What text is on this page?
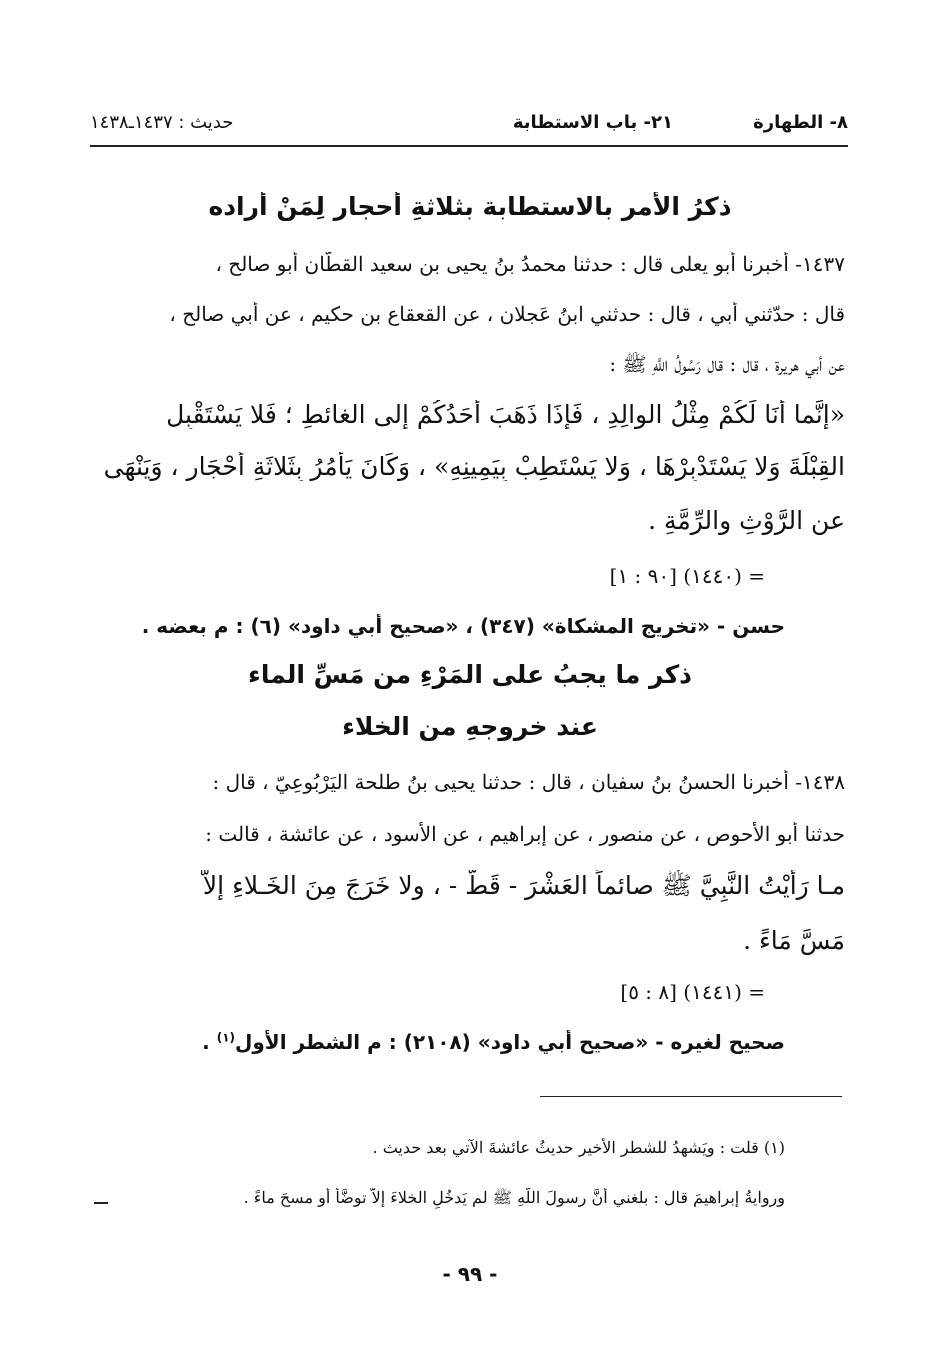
٨- الطهارة
٢١- باب الاستطابة
حديث : ١٤٣٧ـ١٤٣٨
ذكرُ الأمرِ بالاستطابة بثلاثةِ أحجارٍ لِمَنْ أراده
١٤٣٧- أخبرنا أبو يعلى قال : حدثنا محمدُ بنُ يحيى بن سعيد القطّان أبو صالح ،
قال : حدّثني أبي ، قال : حدثني ابنُ عَجلان ، عن القعقاعِ بنِ حكيم ، عن أبي صالح ،
عن أبي هريرة ، قال : قال رَسُولُ اللَّهِ ﷺ :
«إنَّما أَنَا لَكُمْ مِثْلُ الوالِدِ ، فَإذَا ذَهَبَ أَحَدُكُمْ إلى الغائطِ ؛ فَلا يَسْتَقْبِلِ
القِبْلَةَ وَلا يَسْتَدْبِرْهَا ، وَلا يَسْتَطِبْ بِيَمِينِهِ» ، وَكَانَ يَأْمُرُ بِثَلاثَةِ أَحْجَارٍ ، وَيَنْهَى
عن الرَّوْثِ والرِّمَّةِ .
= (١٤٤٠) [٩٠ : ١]
حسن - «تخريج المشكاة» (٣٤٧) ، «صحيح أبي داود» (٦) : م بعضه .
ذكر ما يجبُ على المَرْءِ من مَسِّ الماء
عند خروجهِ من الخلاء
١٤٣٨- أخبرنا الحسنُ بنُ سفيان ، قال : حدثنا يحيى بنُ طلحة اليَرْبُوعِيّ ، قال :
حدثنا أبو الأحوص ، عن منصور ، عن إبراهيم ، عن الأسود ، عن عائشة ، قالت :
مـا رَأَيْتُ النَّبِيَّ ﷺ صائماً العَشْرَ - قَطُّ - ، ولا خَرَجَ مِنَ الخَـلاءِ إلاَّ
مَسَّ مَاءً .
= (١٤٤١) [٨ : ٥]
صحيح لغيره - «صحيح أبي داود» (٢١٠٨) : م الشطر الأول$^{(١)}$ .
(١) قلت : ويَشهدُ للشطرِ الأخيرِ حديثُ عائشةَ الآتي بعد حديث .
وروايةُ إبراهيمَ قال : بلغني أنَّ رسولَ اللَّهِ ﷺ لم يَدخُلِ الخلاءَ إلاَّ توضَّأ أو مسحَ ماءً .
- ٩٩ -
